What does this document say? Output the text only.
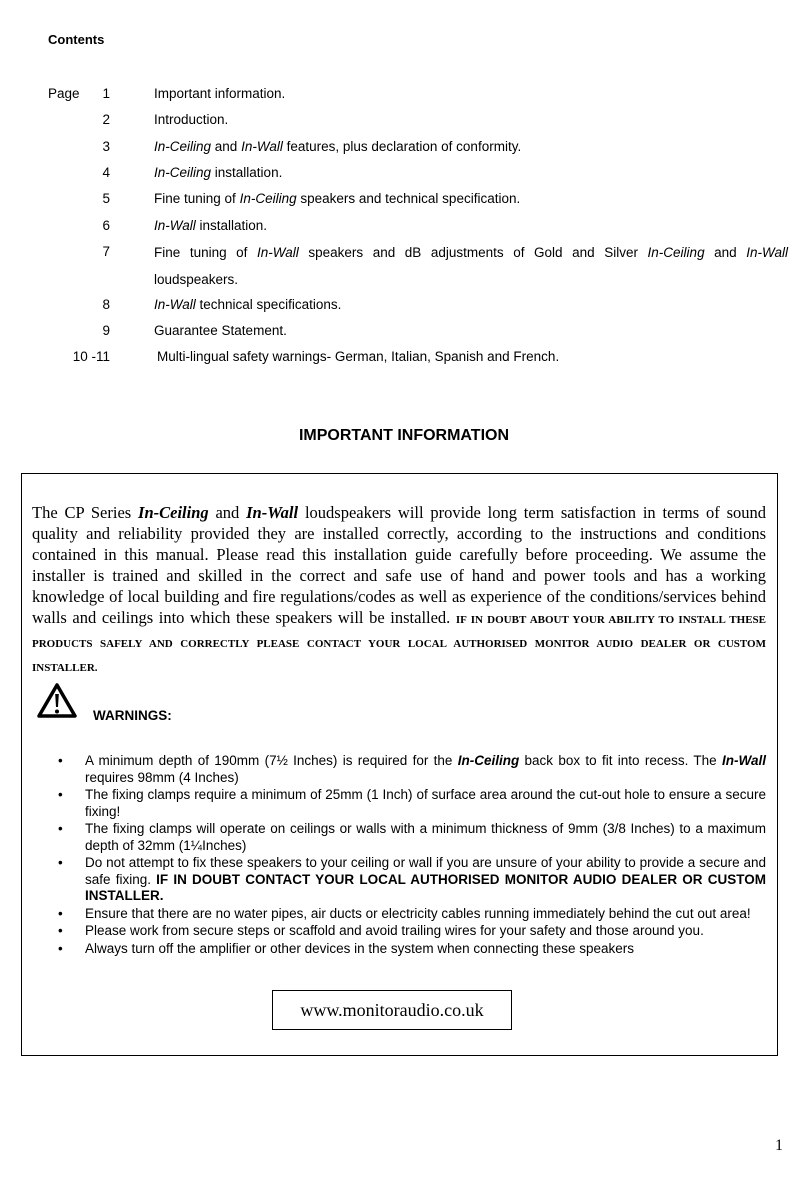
Contents
Page	1	Important information.
2	Introduction.
3	In-Ceiling and In-Wall features, plus declaration of conformity.
4	In-Ceiling installation.
5	Fine tuning of In-Ceiling speakers and technical specification.
6	In-Wall installation.
7	Fine tuning of In-Wall speakers and dB adjustments of Gold and Silver In-Ceiling and In-Wall loudspeakers.
8	In-Wall technical specifications.
9	Guarantee Statement.
10 -11	Multi-lingual safety warnings- German, Italian, Spanish and French.
IMPORTANT INFORMATION
The CP Series In-Ceiling and In-Wall loudspeakers will provide long term satisfaction in terms of sound quality and reliability provided they are installed correctly, according to the instructions and conditions contained in this manual. Please read this installation guide carefully before proceeding. We assume the installer is trained and skilled in the correct and safe use of hand and power tools and has a working knowledge of local building and fire regulations/codes as well as experience of the conditions/services behind walls and ceilings into which these speakers will be installed. IF IN DOUBT ABOUT YOUR ABILITY TO INSTALL THESE PRODUCTS SAFELY AND CORRECTLY PLEASE CONTACT YOUR LOCAL AUTHORISED MONITOR AUDIO DEALER OR CUSTOM INSTALLER.
WARNINGS:
• A minimum depth of 190mm (7½ Inches) is required for the In-Ceiling back box to fit into recess. The In-Wall requires 98mm (4 Inches)
• The fixing clamps require a minimum of 25mm (1 Inch) of surface area around the cut-out hole to ensure a secure fixing!
• The fixing clamps will operate on ceilings or walls with a minimum thickness of 9mm (3/8 Inches) to a maximum depth of 32mm (1¼Inches)
• Do not attempt to fix these speakers to your ceiling or wall if you are unsure of your ability to provide a secure and safe fixing. IF IN DOUBT CONTACT YOUR LOCAL AUTHORISED MONITOR AUDIO DEALER OR CUSTOM INSTALLER.
• Ensure that there are no water pipes, air ducts or electricity cables running immediately behind the cut out area!
• Please work from secure steps or scaffold and avoid trailing wires for your safety and those around you.
• Always turn off the amplifier or other devices in the system when connecting these speakers
www.monitoraudio.co.uk
1
